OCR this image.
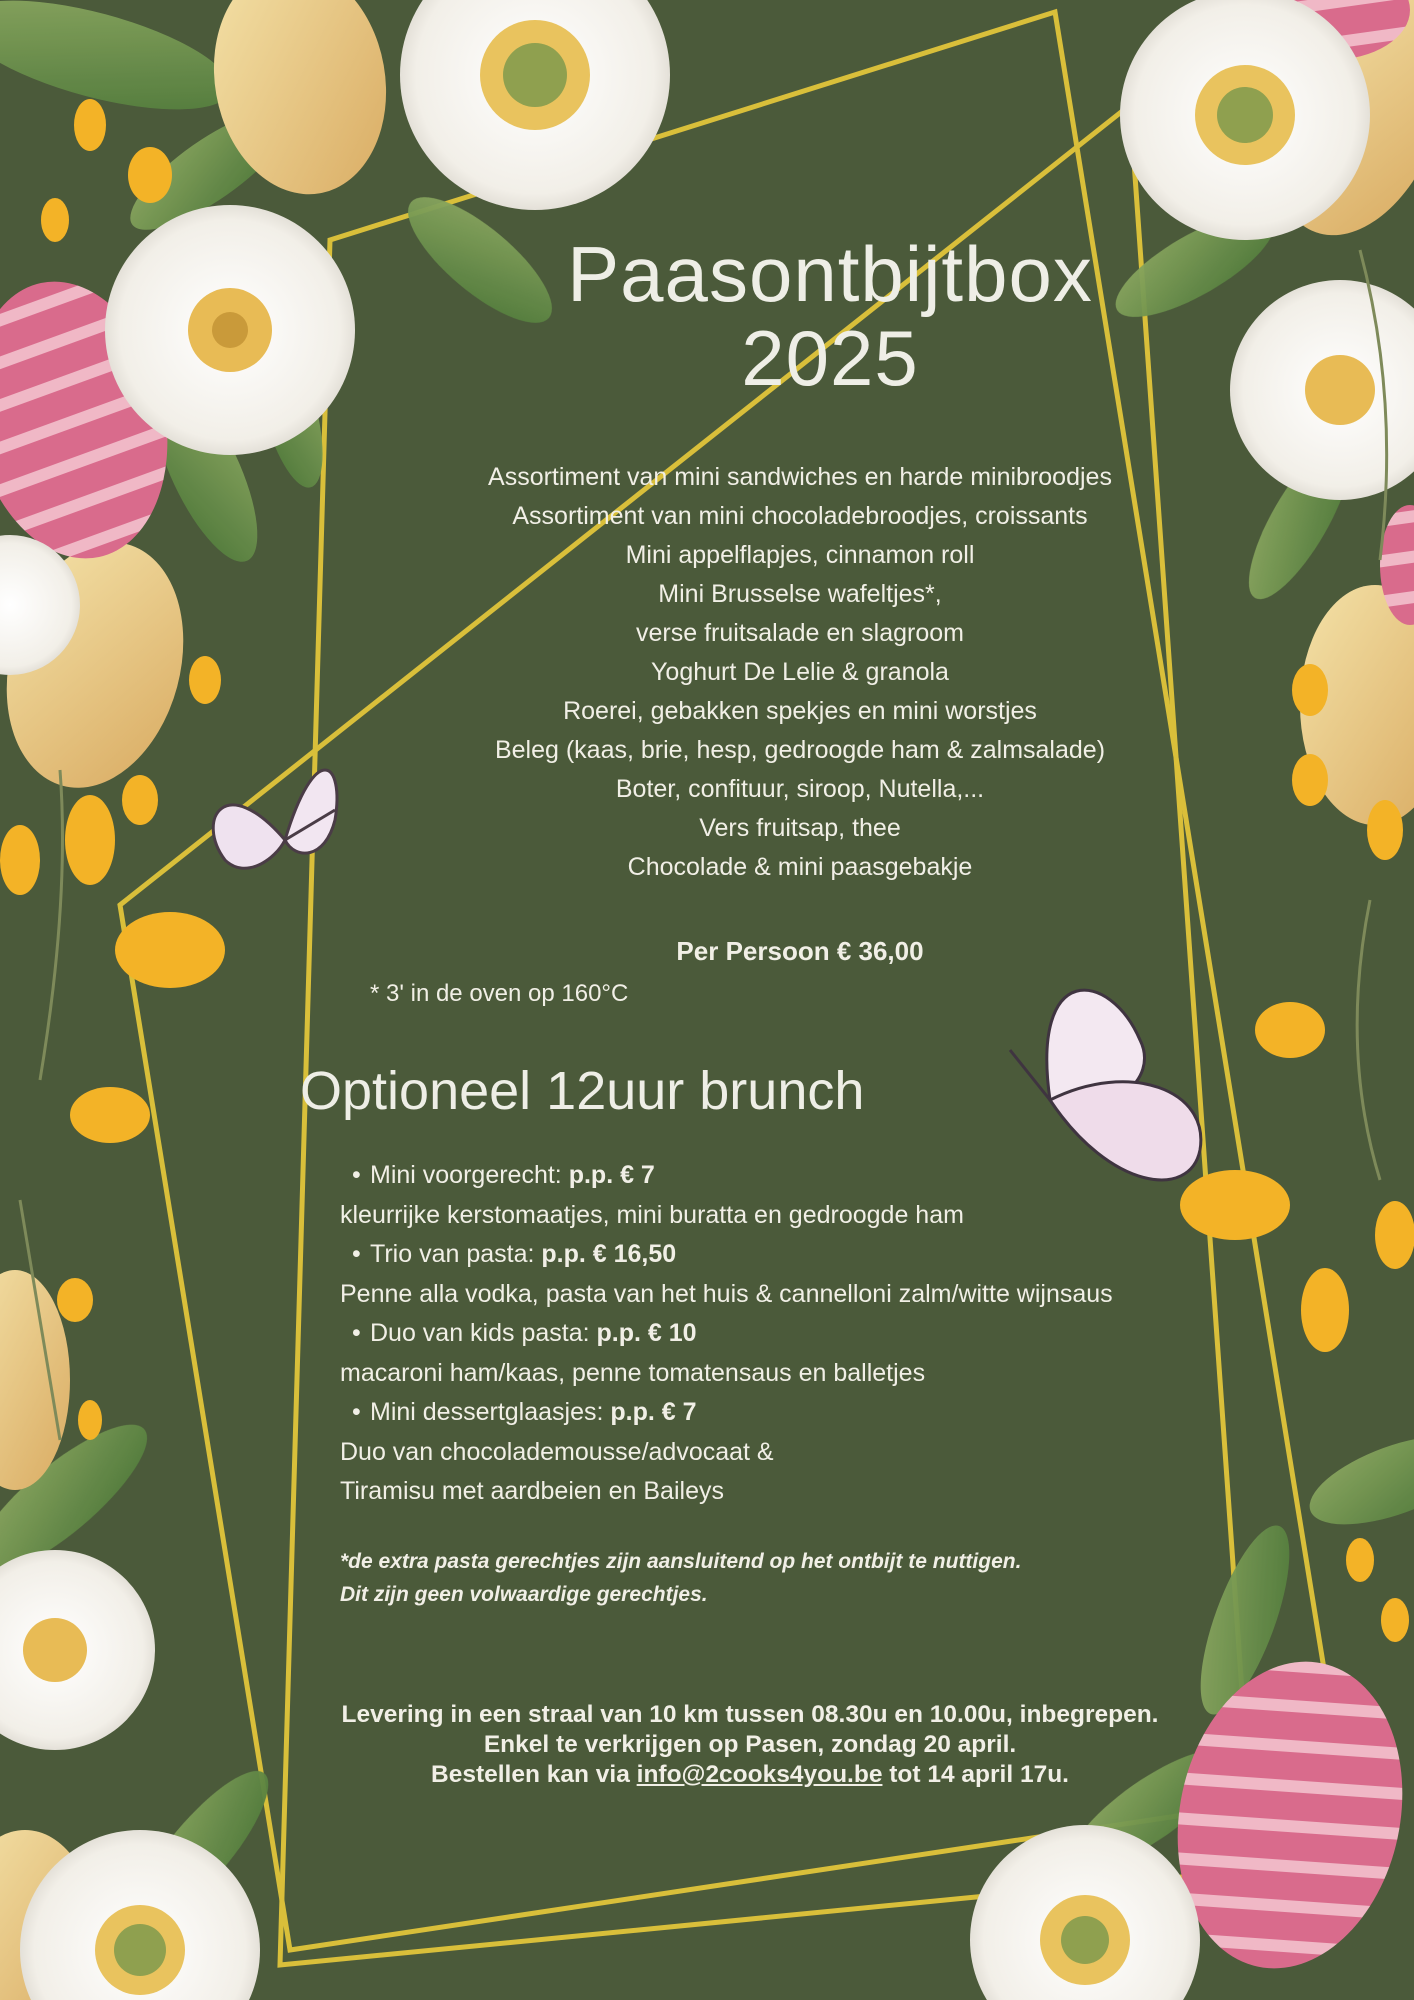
Paasontbijtbox
2025
Assortiment van mini sandwiches en harde minibroodjes
Assortiment van mini chocoladebroodjes, croissants
Mini appelflapjes, cinnamon roll
Mini Brusselse wafeltjes*,
verse fruitsalade en slagroom
Yoghurt De Lelie & granola
Roerei, gebakken spekjes en mini worstjes
Beleg (kaas, brie, hesp, gedroogde ham & zalmsalade)
Boter, confituur, siroop, Nutella,...
Vers fruitsap, thee
Chocolade & mini paasgebakje
Per Persoon € 36,00
* 3' in de oven op 160°C
Optioneel 12uur brunch
• Mini voorgerecht: p.p. € 7
kleurrijke kerstomaatjes, mini buratta en gedroogde ham
• Trio van pasta: p.p. € 16,50
Penne alla vodka, pasta van het huis & cannelloni zalm/witte wijnsaus
• Duo van kids pasta: p.p. € 10
macaroni ham/kaas, penne tomatensaus en balletjes
• Mini dessertglaasjes: p.p. € 7
Duo van chocolademousse/advocaat &
Tiramisu met aardbeien en Baileys
*de extra pasta gerechtjes zijn aansluitend op het ontbijt te nuttigen.
Dit zijn geen volwaardige gerechtjes.
Levering in een straal van 10 km tussen 08.30u en 10.00u, inbegrepen.
Enkel te verkrijgen op Pasen, zondag 20 april.
Bestellen kan via info@2cooks4you.be tot 14 april 17u.
